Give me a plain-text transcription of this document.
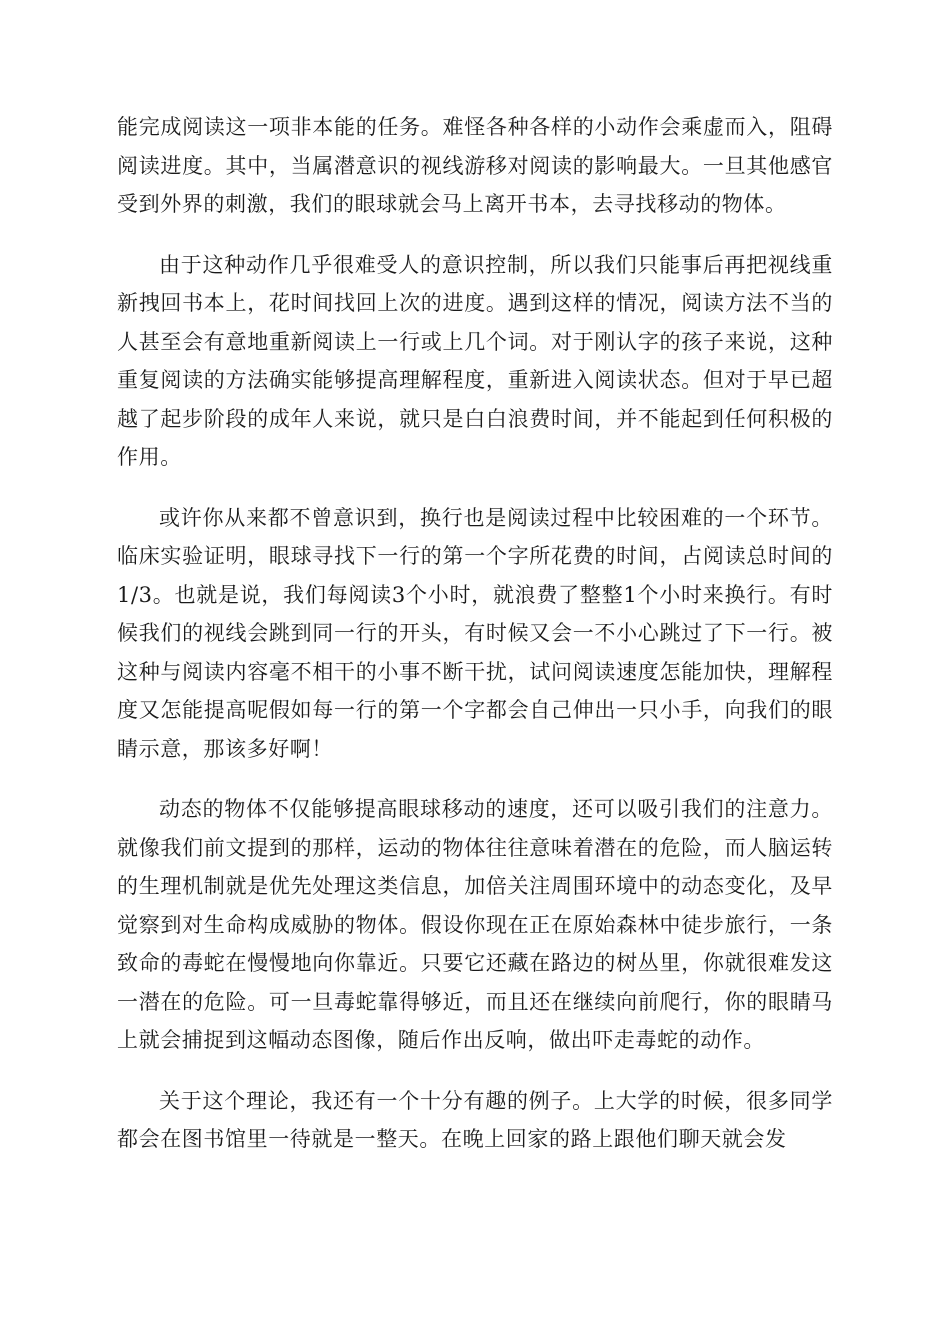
能完成阅读这一项非本能的任务。难怪各种各样的小动作会乘虚而入，阻碍阅读进度。其中，当属潜意识的视线游移对阅读的影响最大。一旦其他感官受到外界的刺激，我们的眼球就会马上离开书本，去寻找移动的物体。

由于这种动作几乎很难受人的意识控制，所以我们只能事后再把视线重新拽回书本上，花时间找回上次的进度。遇到这样的情况，阅读方法不当的人甚至会有意地重新阅读上一行或上几个词。对于刚认字的孩子来说，这种重复阅读的方法确实能够提高理解程度，重新进入阅读状态。但对于早已超越了起步阶段的成年人来说，就只是白白浪费时间，并不能起到任何积极的作用。

或许你从来都不曾意识到，换行也是阅读过程中比较困难的一个环节。临床实验证明，眼球寻找下一行的第一个字所花费的时间，占阅读总时间的1/3。也就是说，我们每阅读3个小时，就浪费了整整1个小时来换行。有时候我们的视线会跳到同一行的开头，有时候又会一不小心跳过了下一行。被这种与阅读内容毫不相干的小事不断干扰，试问阅读速度怎能加快，理解程度又怎能提高呢假如每一行的第一个字都会自己伸出一只小手，向我们的眼睛示意，那该多好啊！

动态的物体不仅能够提高眼球移动的速度，还可以吸引我们的注意力。就像我们前文提到的那样，运动的物体往往意味着潜在的危险，而人脑运转的生理机制就是优先处理这类信息，加倍关注周围环境中的动态变化，及早觉察到对生命构成威胁的物体。假设你现在正在原始森林中徒步旅行，一条致命的毒蛇在慢慢地向你靠近。只要它还藏在路边的树丛里，你就很难发这一潜在的危险。可一旦毒蛇靠得够近，而且还在继续向前爬行，你的眼睛马上就会捕捉到这幅动态图像，随后作出反响，做出吓走毒蛇的动作。

关于这个理论，我还有一个十分有趣的例子。上大学的时候，很多同学都会在图书馆里一待就是一整天。在晚上回家的路上跟他们聊天就会发
